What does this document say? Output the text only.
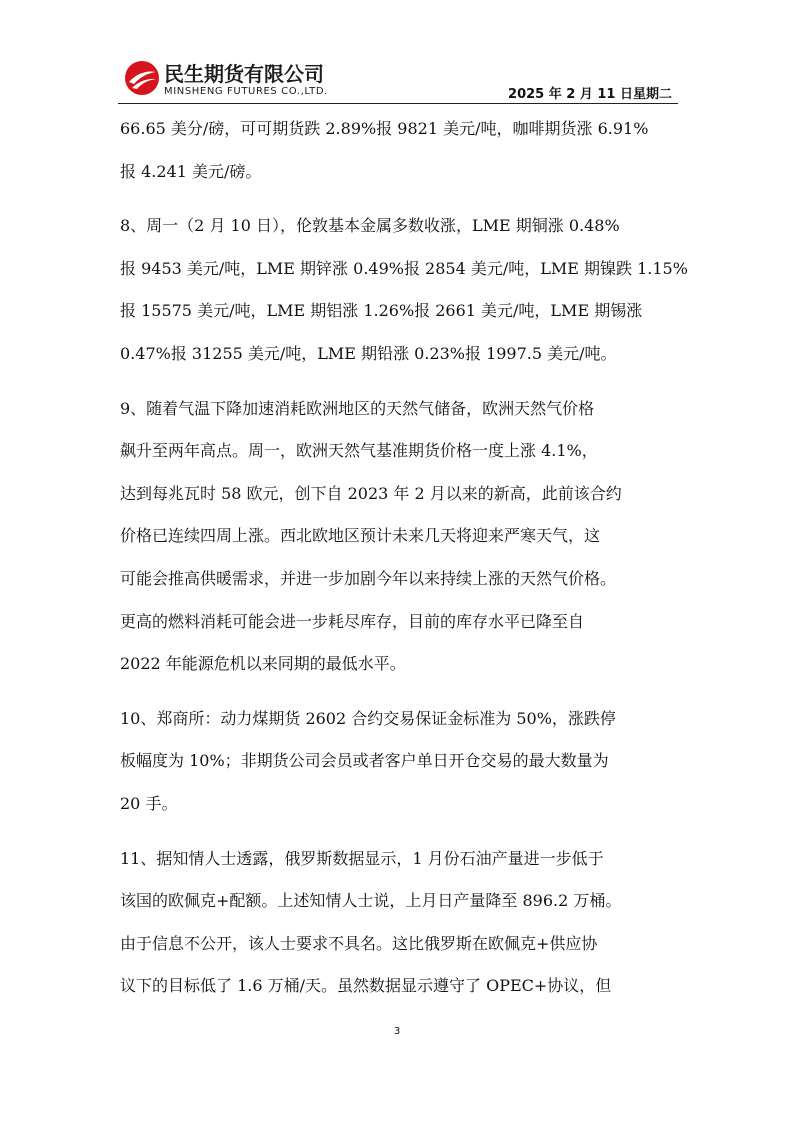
民生期货有限公司
MINSHENG FUTURES CO.,LTD.	2025 年 2 月 11 日星期二
66.65 美分/磅，可可期货跌 2.89%报 9821 美元/吨，咖啡期货涨 6.91%
报 4.241 美元/磅。
8、周一（2 月 10 日），伦敦基本金属多数收涨，LME 期铜涨 0.48%
报 9453 美元/吨，LME 期锌涨 0.49%报 2854 美元/吨，LME 期镍跌 1.15%
报 15575 美元/吨，LME 期铝涨 1.26%报 2661 美元/吨，LME 期锡涨
0.47%报 31255 美元/吨，LME 期铅涨 0.23%报 1997.5 美元/吨。
9、随着气温下降加速消耗欧洲地区的天然气储备，欧洲天然气价格
飙升至两年高点。周一，欧洲天然气基准期货价格一度上涨 4.1%，
达到每兆瓦时 58 欧元，创下自 2023 年 2 月以来的新高，此前该合约
价格已连续四周上涨。西北欧地区预计未来几天将迎来严寒天气，这
可能会推高供暖需求，并进一步加剧今年以来持续上涨的天然气价格。
更高的燃料消耗可能会进一步耗尽库存，目前的库存水平已降至自
2022 年能源危机以来同期的最低水平。
10、郑商所：动力煤期货 2602 合约交易保证金标准为 50%，涨跌停
板幅度为 10%；非期货公司会员或者客户单日开仓交易的最大数量为
20 手。
11、据知情人士透露，俄罗斯数据显示，1 月份石油产量进一步低于
该国的欧佩克+配额。上述知情人士说，上月日产量降至 896.2 万桶。
由于信息不公开，该人士要求不具名。这比俄罗斯在欧佩克+供应协
议下的目标低了 1.6 万桶/天。虽然数据显示遵守了 OPEC+协议，但
3
